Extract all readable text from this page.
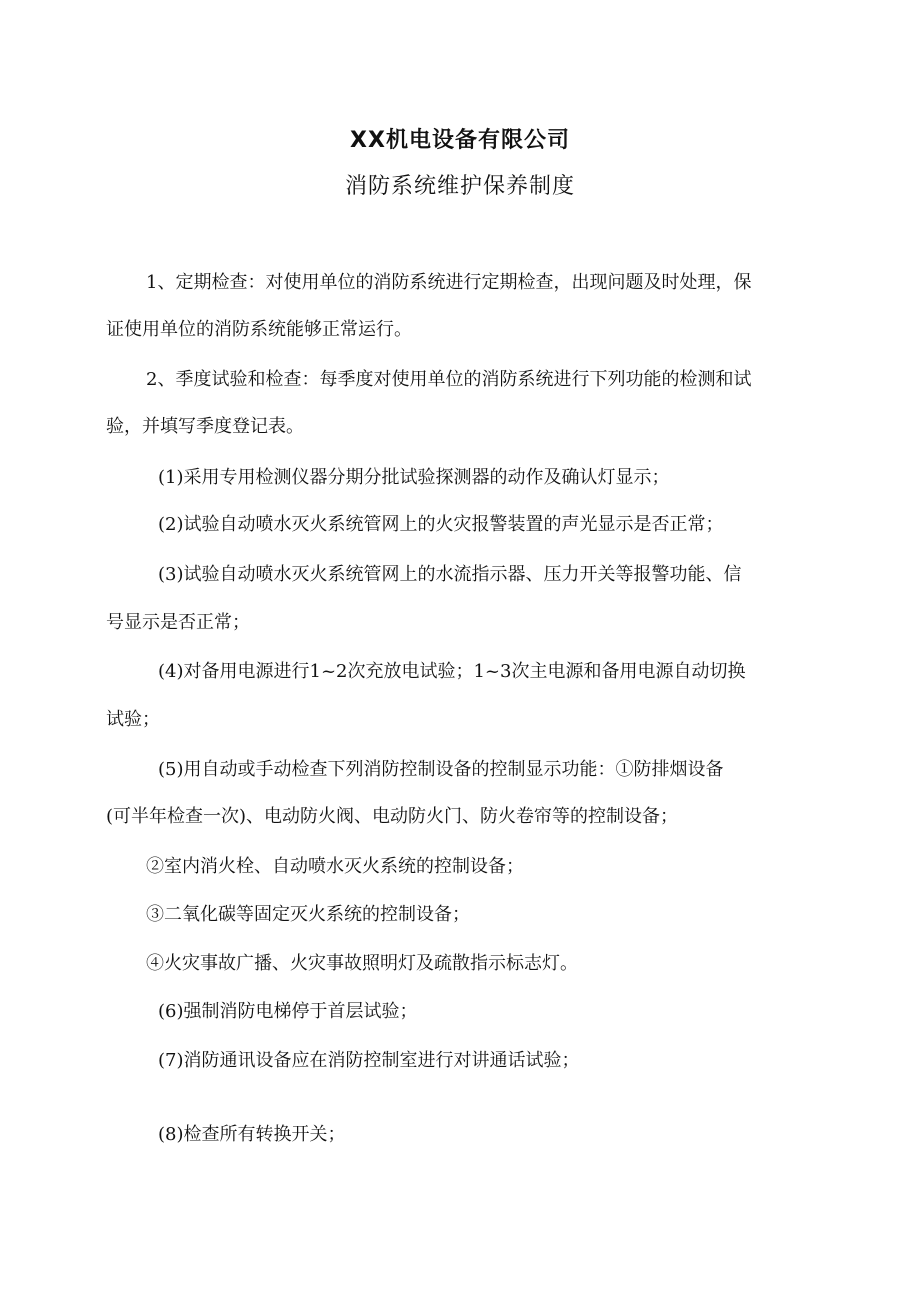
XX机电设备有限公司
消防系统维护保养制度

1、定期检查：对使用单位的消防系统进行定期检查，出现问题及时处理，保

证使用单位的消防系统能够正常运行。

2、季度试验和检查：每季度对使用单位的消防系统进行下列功能的检测和试

验，并填写季度登记表。

(1)采用专用检测仪器分期分批试验探测器的动作及确认灯显示；

(2)试验自动喷水灭火系统管网上的火灾报警装置的声光显示是否正常；

(3)试验自动喷水灭火系统管网上的水流指示器、压力开关等报警功能、信

号显示是否正常；

(4)对备用电源进行1~2次充放电试验；1~3次主电源和备用电源自动切换

试验；

(5)用自动或手动检查下列消防控制设备的控制显示功能：①防排烟设备

(可半年检查一次)、电动防火阀、电动防火门、防火卷帘等的控制设备；

②室内消火栓、自动喷水灭火系统的控制设备；

③二氧化碳等固定灭火系统的控制设备；

④火灾事故广播、火灾事故照明灯及疏散指示标志灯。

(6)强制消防电梯停于首层试验；

(7)消防通讯设备应在消防控制室进行对讲通话试验；

(8)检查所有转换开关；
